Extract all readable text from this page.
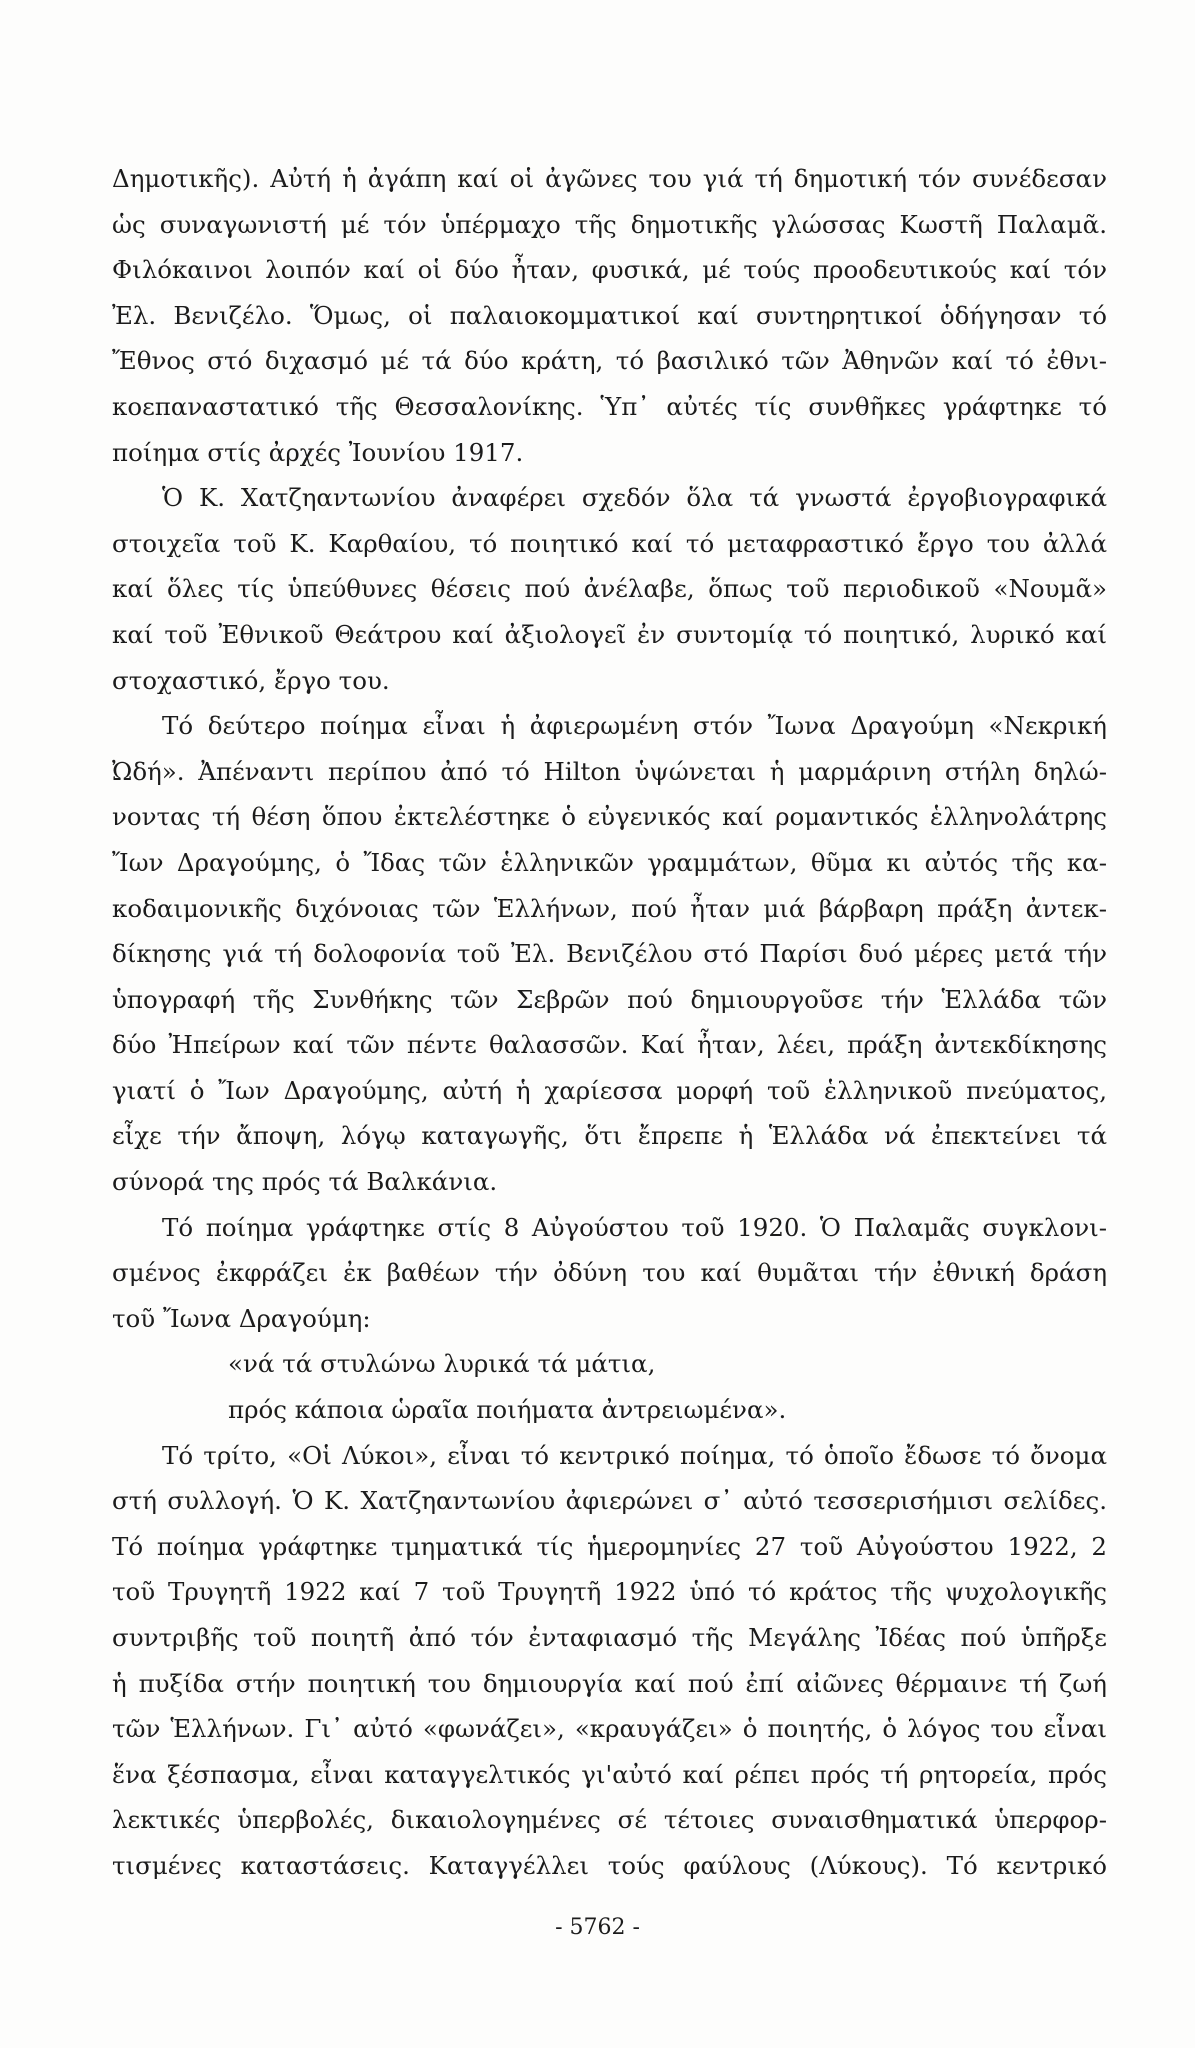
Δημοτικῆς). Αὐτή ἡ ἀγάπη καί οἱ ἀγῶνες του γιά τή δημοτική τόν συνέδεσαν
ὡς συναγωνιστή μέ τόν ὑπέρμαχο τῆς δημοτικῆς γλώσσας Κωστῆ Παλαμᾶ.
Φιλόκαινοι λοιπόν καί οἱ δύο ἦταν, φυσικά, μέ τούς προοδευτικούς καί τόν
Ἐλ. Βενιζέλο. Ὅμως, οἱ παλαιοκομματικοί καί συντηρητικοί ὁδήγησαν τό
Ἔθνος στό διχασμό μέ τά δύο κράτη, τό βασιλικό τῶν Ἀθηνῶν καί τό ἐθνι-
κοεπαναστατικό τῆς Θεσσαλονίκης. Ὑπ᾽ αὐτές τίς συνθῆκες γράφτηκε τό
ποίημα στίς ἀρχές Ἰουνίου 1917.
Ὁ Κ. Χατζηαντωνίου ἀναφέρει σχεδόν ὅλα τά γνωστά ἐργοβιογραφικά
στοιχεῖα τοῦ Κ. Καρθαίου, τό ποιητικό καί τό μεταφραστικό ἔργο του ἀλλά
καί ὅλες τίς ὑπεύθυνες θέσεις πού ἀνέλαβε, ὅπως τοῦ περιοδικοῦ «Νουμᾶ»
καί τοῦ Ἐθνικοῦ Θεάτρου καί ἀξιολογεῖ ἐν συντομίᾳ τό ποιητικό, λυρικό καί
στοχαστικό, ἔργο του.
Τό δεύτερο ποίημα εἶναι ἡ ἀφιερωμένη στόν Ἴωνα Δραγούμη «Νεκρική
Ὠδή». Ἀπέναντι περίπου ἀπό τό Hilton ὑψώνεται ἡ μαρμάρινη στήλη δηλώ-
νοντας τή θέση ὅπου ἐκτελέστηκε ὁ εὐγενικός καί ρομαντικός ἑλληνολάτρης
Ἴων Δραγούμης, ὁ Ἴδας τῶν ἑλληνικῶν γραμμάτων, θῦμα κι αὐτός τῆς κα-
κοδαιμονικῆς διχόνοιας τῶν Ἑλλήνων, πού ἦταν μιά βάρβαρη πράξη ἀντεκ-
δίκησης γιά τή δολοφονία τοῦ Ἐλ. Βενιζέλου στό Παρίσι δυό μέρες μετά τήν
ὑπογραφή τῆς Συνθήκης τῶν Σεβρῶν πού δημιουργοῦσε τήν Ἑλλάδα τῶν
δύο Ἠπείρων καί τῶν πέντε θαλασσῶν. Καί ἦταν, λέει, πράξη ἀντεκδίκησης
γιατί ὁ Ἴων Δραγούμης, αὐτή ἡ χαρίεσσα μορφή τοῦ ἑλληνικοῦ πνεύματος,
εἶχε τήν ἄποψη, λόγῳ καταγωγῆς, ὅτι ἔπρεπε ἡ Ἑλλάδα νά ἐπεκτείνει τά
σύνορά της πρός τά Βαλκάνια.
Τό ποίημα γράφτηκε στίς 8 Αὐγούστου τοῦ 1920. Ὁ Παλαμᾶς συγκλονι-
σμένος ἐκφράζει ἐκ βαθέων τήν ὀδύνη του καί θυμᾶται τήν ἐθνική δράση
τοῦ Ἴωνα Δραγούμη:
«νά τά στυλώνω λυρικά τά μάτια,
πρός κάποια ὡραῖα ποιήματα ἀντρειωμένα».
Τό τρίτο, «Οἱ Λύκοι», εἶναι τό κεντρικό ποίημα, τό ὁποῖο ἔδωσε τό ὄνομα
στή συλλογή. Ὁ Κ. Χατζηαντωνίου ἀφιερώνει σ᾽ αὐτό τεσσερισήμισι σελίδες.
Τό ποίημα γράφτηκε τμηματικά τίς ἡμερομηνίες 27 τοῦ Αὐγούστου 1922, 2
τοῦ Τρυγητῆ 1922 καί 7 τοῦ Τρυγητῆ 1922 ὑπό τό κράτος τῆς ψυχολογικῆς
συντριβῆς τοῦ ποιητῆ ἀπό τόν ἐνταφιασμό τῆς Μεγάλης Ἰδέας πού ὑπῆρξε
ἡ πυξίδα στήν ποιητική του δημιουργία καί πού ἐπί αἰῶνες θέρμαινε τή ζωή
τῶν Ἑλλήνων. Γι᾽ αὐτό «φωνάζει», «κραυγάζει» ὁ ποιητής, ὁ λόγος του εἶναι
ἕνα ξέσπασμα, εἶναι καταγγελτικός γι'αὐτό καί ρέπει πρός τή ρητορεία, πρός
λεκτικές ὑπερβολές, δικαιολογημένες σέ τέτοιες συναισθηματικά ὑπερφορ-
τισμένες καταστάσεις. Καταγγέλλει τούς φαύλους (Λύκους). Τό κεντρικό
- 5762 -
